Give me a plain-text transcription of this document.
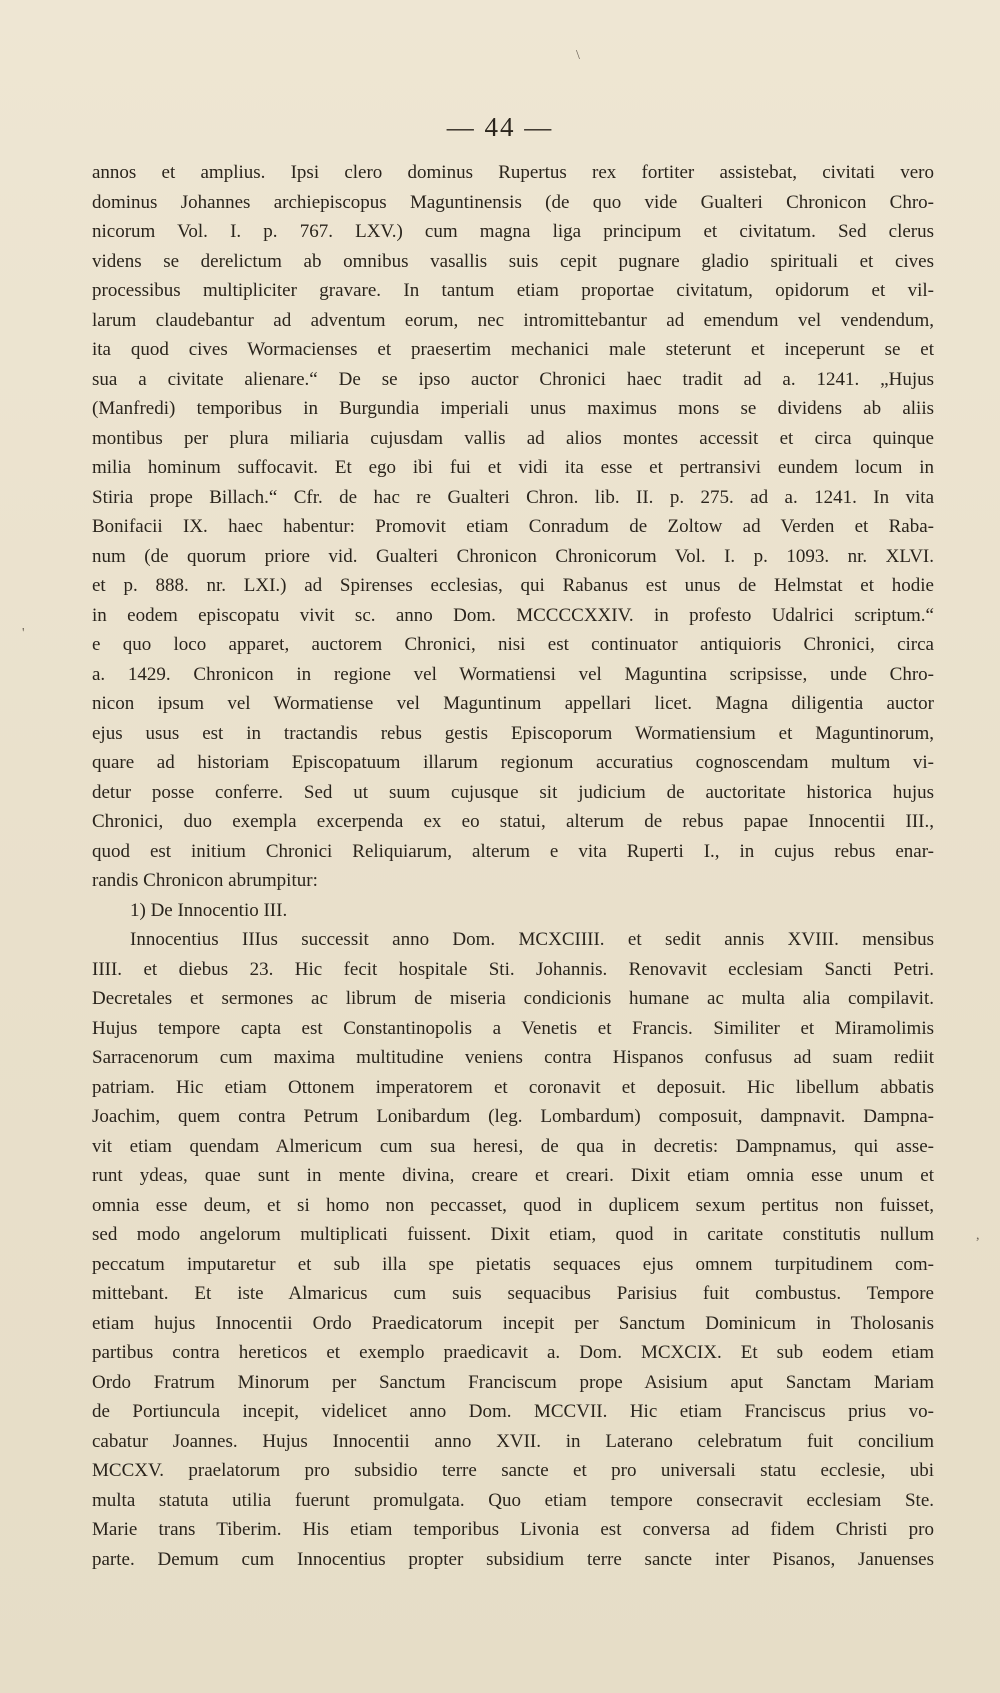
— 44 —
\
'
,
annos et amplius. Ipsi clero dominus Rupertus rex fortiter assistebat, civitati vero
dominus Johannes archiepiscopus Maguntinensis (de quo vide Gualteri Chronicon Chro-
nicorum Vol. I. p. 767. LXV.) cum magna liga principum et civitatum. Sed clerus
videns se derelictum ab omnibus vasallis suis cepit pugnare gladio spirituali et cives
processibus multipliciter gravare. In tantum etiam proportae civitatum, opidorum et vil-
larum claudebantur ad adventum eorum, nec intromittebantur ad emendum vel vendendum,
ita quod cives Wormacienses et praesertim mechanici male steterunt et inceperunt se et
sua a civitate alienare.“ De se ipso auctor Chronici haec tradit ad a. 1241. „Hujus
(Manfredi) temporibus in Burgundia imperiali unus maximus mons se dividens ab aliis
montibus per plura miliaria cujusdam vallis ad alios montes accessit et circa quinque
milia hominum suffocavit. Et ego ibi fui et vidi ita esse et pertransivi eundem locum in
Stiria prope Billach.“ Cfr. de hac re Gualteri Chron. lib. II. p. 275. ad a. 1241. In vita
Bonifacii IX. haec habentur: Promovit etiam Conradum de Zoltow ad Verden et Raba-
num (de quorum priore vid. Gualteri Chronicon Chronicorum Vol. I. p. 1093. nr. XLVI.
et p. 888. nr. LXI.) ad Spirenses ecclesias, qui Rabanus est unus de Helmstat et hodie
in eodem episcopatu vivit sc. anno Dom. MCCCCXXIV. in profesto Udalrici scriptum.“
e quo loco apparet, auctorem Chronici, nisi est continuator antiquioris Chronici, circa
a. 1429. Chronicon in regione vel Wormatiensi vel Maguntina scripsisse, unde Chro-
nicon ipsum vel Wormatiense vel Maguntinum appellari licet. Magna diligentia auctor
ejus usus est in tractandis rebus gestis Episcoporum Wormatiensium et Maguntinorum,
quare ad historiam Episcopatuum illarum regionum accuratius cognoscendam multum vi-
detur posse conferre. Sed ut suum cujusque sit judicium de auctoritate historica hujus
Chronici, duo exempla excerpenda ex eo statui, alterum de rebus papae Innocentii III.,
quod est initium Chronici Reliquiarum, alterum e vita Ruperti I., in cujus rebus enar-
randis Chronicon abrumpitur:
1) De Innocentio III.
Innocentius IIIus successit anno Dom. MCXCIIII. et sedit annis XVIII. mensibus
IIII. et diebus 23. Hic fecit hospitale Sti. Johannis. Renovavit ecclesiam Sancti Petri.
Decretales et sermones ac librum de miseria condicionis humane ac multa alia compilavit.
Hujus tempore capta est Constantinopolis a Venetis et Francis. Similiter et Miramolimis
Sarracenorum cum maxima multitudine veniens contra Hispanos confusus ad suam rediit
patriam. Hic etiam Ottonem imperatorem et coronavit et deposuit. Hic libellum abbatis
Joachim, quem contra Petrum Lonibardum (leg. Lombardum) composuit, dampnavit. Dampna-
vit etiam quendam Almericum cum sua heresi, de qua in decretis: Dampnamus, qui asse-
runt ydeas, quae sunt in mente divina, creare et creari. Dixit etiam omnia esse unum et
omnia esse deum, et si homo non peccasset, quod in duplicem sexum pertitus non fuisset,
sed modo angelorum multiplicati fuissent. Dixit etiam, quod in caritate constitutis nullum
peccatum imputaretur et sub illa spe pietatis sequaces ejus omnem turpitudinem com-
mittebant. Et iste Almaricus cum suis sequacibus Parisius fuit combustus. Tempore
etiam hujus Innocentii Ordo Praedicatorum incepit per Sanctum Dominicum in Tholosanis
partibus contra hereticos et exemplo praedicavit a. Dom. MCXCIX. Et sub eodem etiam
Ordo Fratrum Minorum per Sanctum Franciscum prope Asisium aput Sanctam Mariam
de Portiuncula incepit, videlicet anno Dom. MCCVII. Hic etiam Franciscus prius vo-
cabatur Joannes. Hujus Innocentii anno XVII. in Laterano celebratum fuit concilium
MCCXV. praelatorum pro subsidio terre sancte et pro universali statu ecclesie, ubi
multa statuta utilia fuerunt promulgata. Quo etiam tempore consecravit ecclesiam Ste.
Marie trans Tiberim. His etiam temporibus Livonia est conversa ad fidem Christi pro
parte. Demum cum Innocentius propter subsidium terre sancte inter Pisanos, Januenses
